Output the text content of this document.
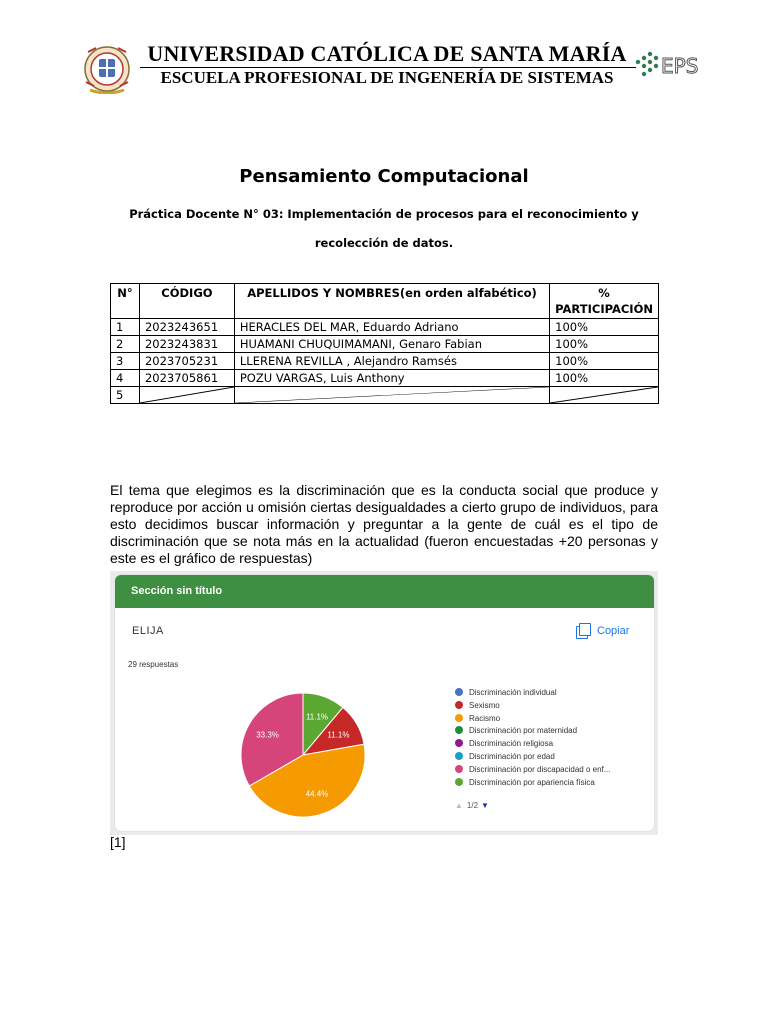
UNIVERSIDAD CATÓLICA DE SANTA MARÍA
ESCUELA PROFESIONAL DE INGENERÍA DE SISTEMAS	EPS
Pensamiento Computacional
Práctica Docente N° 03: Implementación de procesos para el reconocimiento y recolección de datos.
N°	CÓDIGO	APELLIDOS Y NOMBRES(en orden alfabético)	% PARTICIPACIÓN
1	2023243651	HERACLES DEL MAR, Eduardo Adriano	100%
2	2023243831	HUAMANI CHUQUIMAMANI, Genaro Fabian	100%
3	2023705231	LLERENA REVILLA , Alejandro Ramsés	100%
4	2023705861	POZU VARGAS, Luis Anthony	100%
5	

El tema que elegimos es la discriminación que es la conducta social que produce y reproduce por acción u omisión ciertas desigualdades a cierto grupo de individuos, para esto decidimos buscar información y preguntar a la gente de cuál es el tipo de discriminación que se nota más en la actualidad (fueron encuestadas +20 personas y este es el gráfico de respuestas)
Sección sin título
ELIJA	Copiar
29 respuestas
11.1%
11.1%
44.4%
33.3%
Discriminación individual
Sexismo
Racismo
Discriminación por maternidad
Discriminación religiosa
Discriminación por edad
Discriminación por discapacidad o enf...
Discriminación por apariencia física
▲ 1/2 ▼
[1]
